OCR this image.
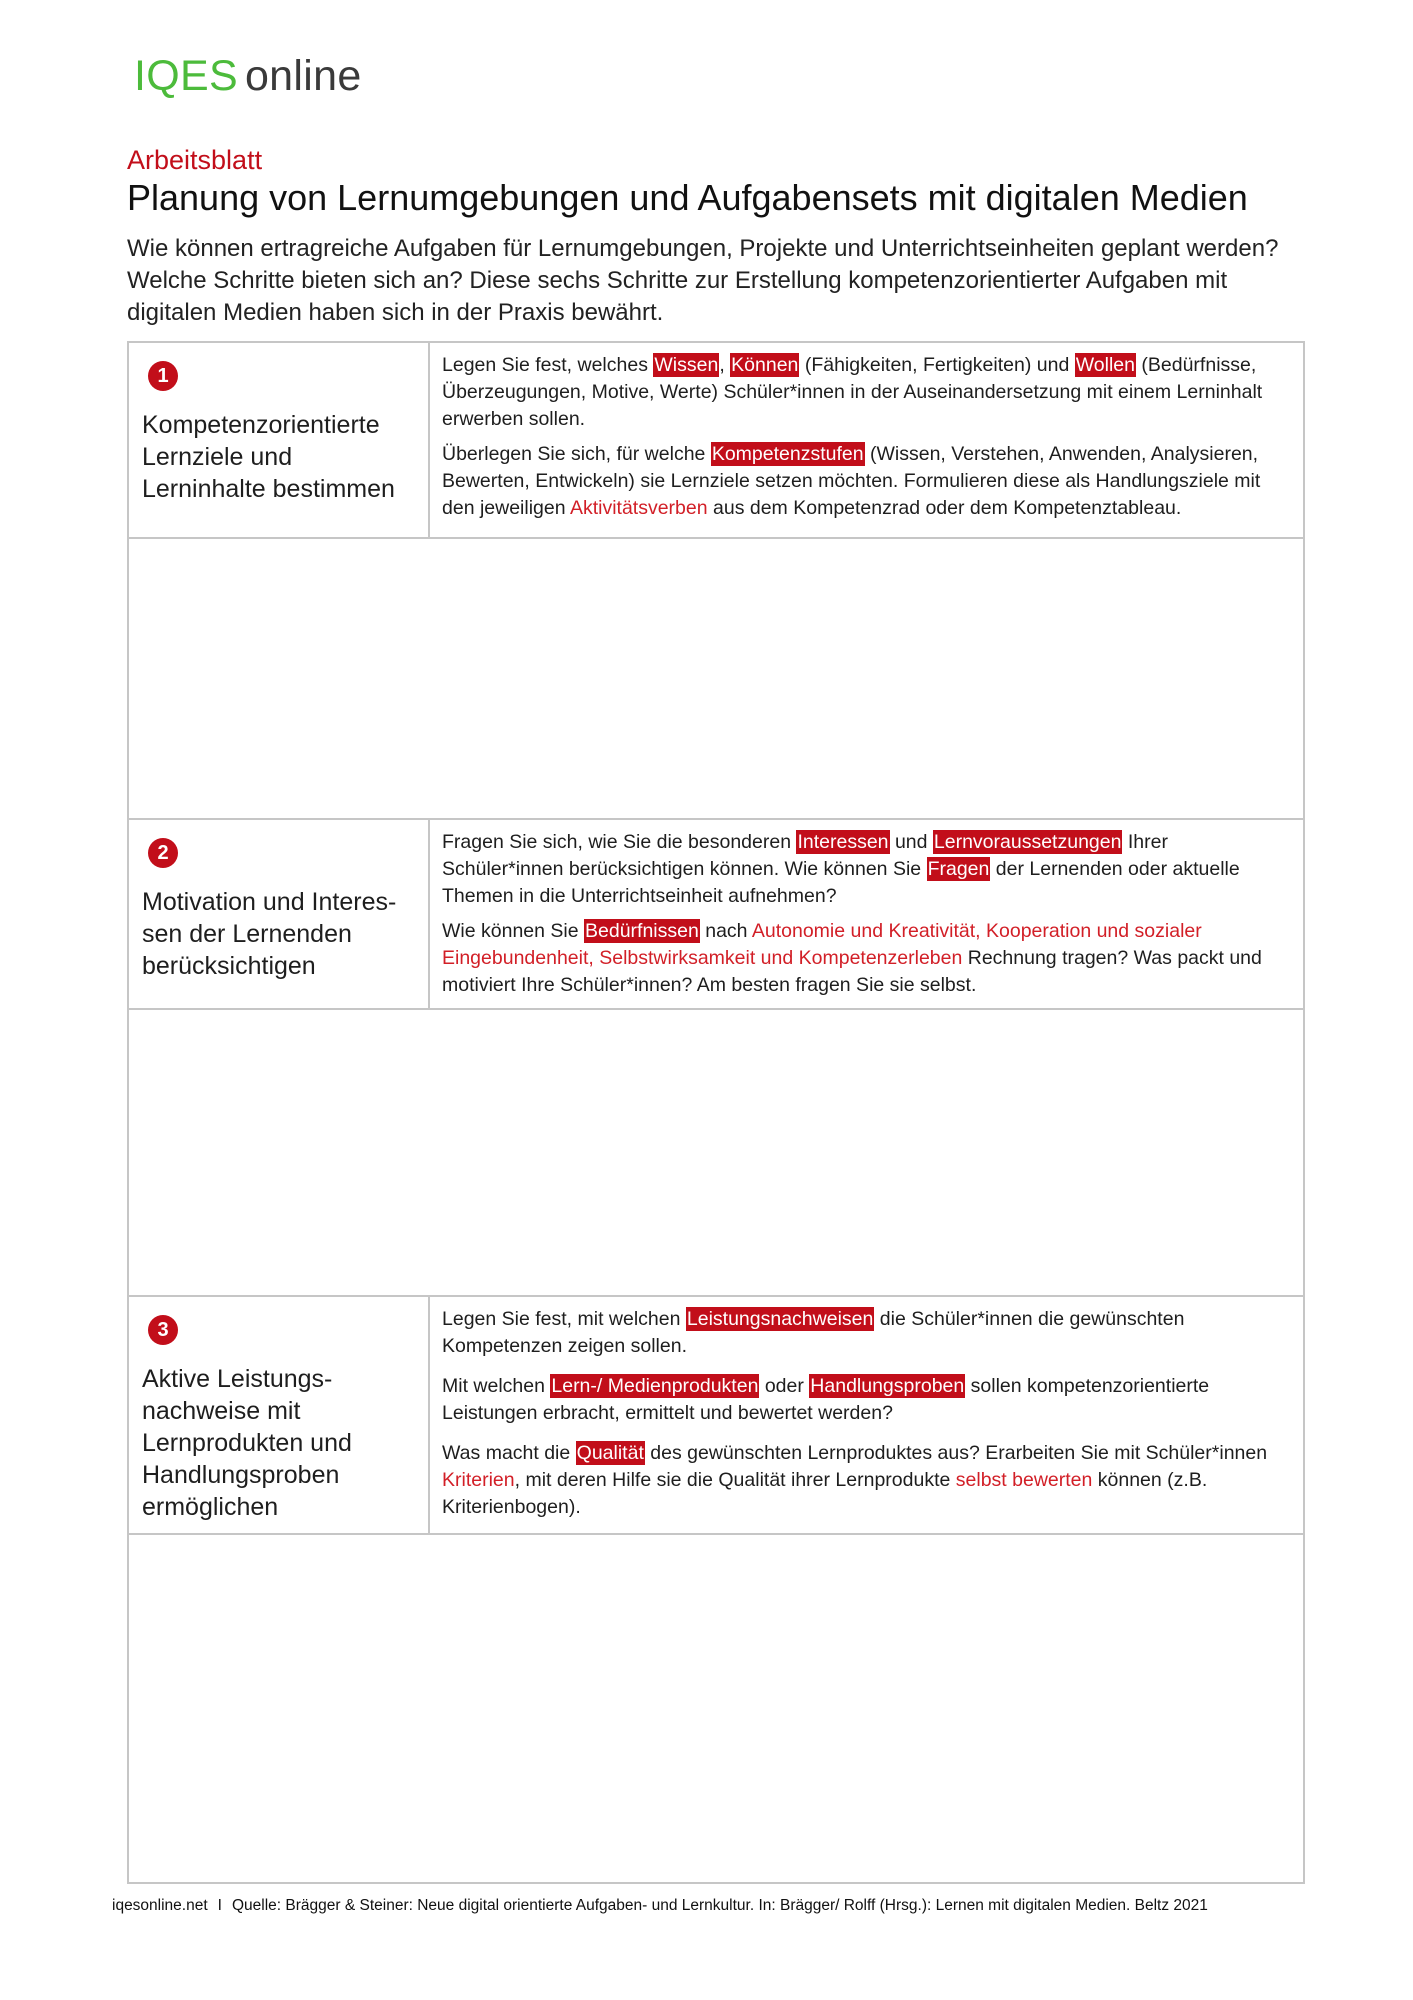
IQES online
Arbeitsblatt
Planung von Lernumgebungen und Aufgabensets mit digitalen Medien

Wie können ertragreiche Aufgaben für Lernumgebungen, Projekte und Unterrichtseinheiten geplant werden? Welche Schritte bieten sich an? Diese sechs Schritte zur Erstellung kompetenzorientierter Aufgaben mit digitalen Medien haben sich in der Praxis bewährt.

1
Kompetenzorientierte
Lernziele und
Lerninhalte bestimmen

Legen Sie fest, welches Wissen, Können (Fähigkeiten, Fertigkeiten) und Wollen (Bedürfnisse, Überzeugungen, Motive, Werte) Schüler*innen in der Auseinandersetzung mit einem Lerninhalt erwerben sollen.

Überlegen Sie sich, für welche Kompetenzstufen (Wissen, Verstehen, Anwenden, Analysieren, Bewerten, Entwickeln) sie Lernziele setzen möchten. Formulieren diese als Handlungsziele mit den jeweiligen Aktivitätsverben aus dem Kompetenzrad oder dem Kompetenztableau.

2
Motivation und Interes-
sen der Lernenden
berücksichtigen

Fragen Sie sich, wie Sie die besonderen Interessen und Lernvoraussetzungen Ihrer Schüler*innen berücksichtigen können. Wie können Sie Fragen der Lernenden oder aktuelle Themen in die Unterrichtseinheit aufnehmen?

Wie können Sie Bedürfnissen nach Autonomie und Kreativität, Kooperation und sozialer Eingebundenheit, Selbstwirksamkeit und Kompetenzerleben Rechnung tragen? Was packt und motiviert Ihre Schüler*innen? Am besten fragen Sie sie selbst.

3
Aktive Leistungs-
nachweise mit
Lernprodukten und
Handlungsproben
ermöglichen

Legen Sie fest, mit welchen Leistungsnachweisen die Schüler*innen die gewünschten Kompetenzen zeigen sollen.

Mit welchen Lern-/ Medienprodukten oder Handlungsproben sollen kompetenzorientierte Leistungen erbracht, ermittelt und bewertet werden?

Was macht die Qualität des gewünschten Lernproduktes aus? Erarbeiten Sie mit Schüler*innen Kriterien, mit deren Hilfe sie die Qualität ihrer Lernprodukte selbst bewerten können (z.B. Kriterienbogen).

iqesonline.net I Quelle: Brägger & Steiner: Neue digital orientierte Aufgaben- und Lernkultur. In: Brägger/ Rolff (Hrsg.): Lernen mit digitalen Medien. Beltz 2021
